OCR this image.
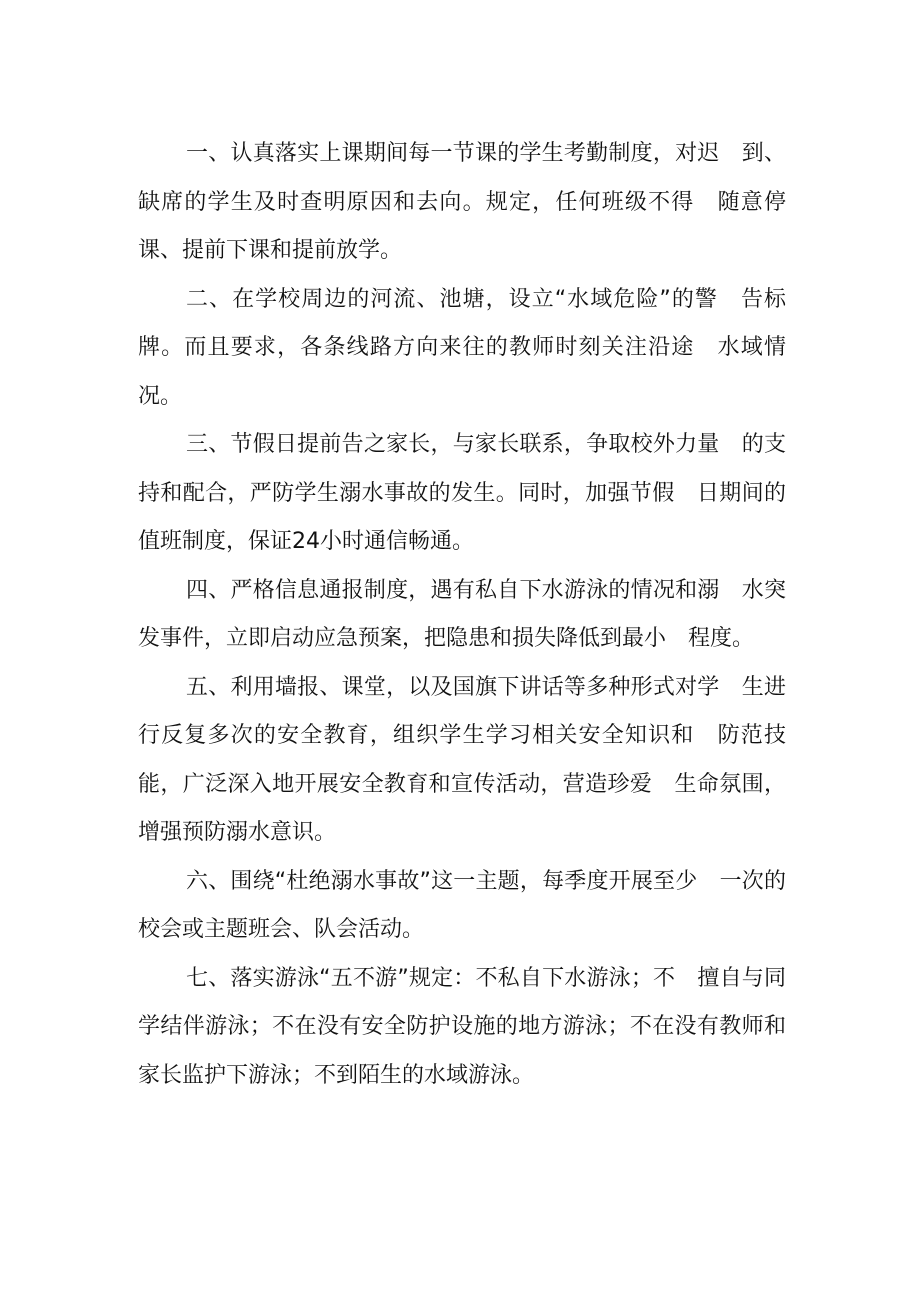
一、认真落实上课期间每一节课的学生考勤制度，对迟　到、缺席的学生及时查明原因和去向。规定，任何班级不得　随意停课、提前下课和提前放学。

二、在学校周边的河流、池塘，设立“水域危险”的警　告标牌。而且要求，各条线路方向来往的教师时刻关注沿途　水域情况。

三、节假日提前告之家长，与家长联系，争取校外力量　的支持和配合，严防学生溺水事故的发生。同时，加强节假　日期间的值班制度，保证24小时通信畅通。

四、严格信息通报制度，遇有私自下水游泳的情况和溺　水突发事件，立即启动应急预案，把隐患和损失降低到最小　程度。

五、利用墙报、课堂，以及国旗下讲话等多种形式对学　生进行反复多次的安全教育，组织学生学习相关安全知识和　防范技能，广泛深入地开展安全教育和宣传活动，营造珍爱　生命氛围，增强预防溺水意识。

六、围绕“杜绝溺水事故”这一主题，每季度开展至少　一次的校会或主题班会、队会活动。

七、落实游泳“五不游”规定：不私自下水游泳；不　擅自与同学结伴游泳；不在没有安全防护设施的地方游泳；不在没有教师和家长监护下游泳；不到陌生的水域游泳。
